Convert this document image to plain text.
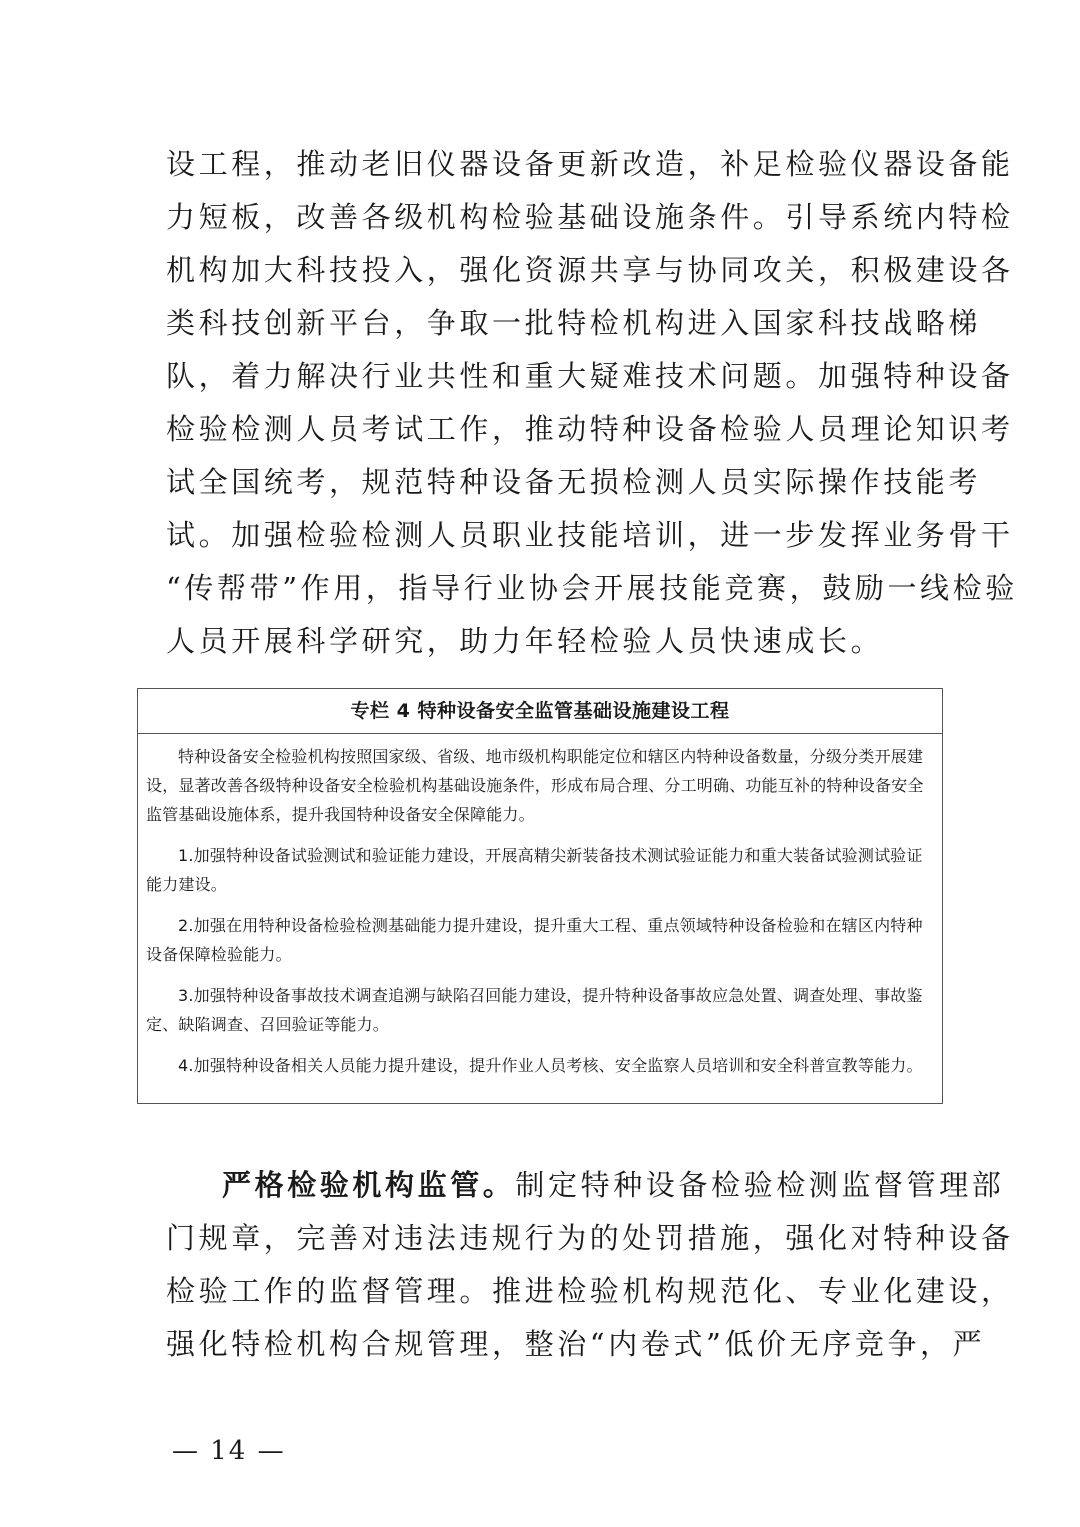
设工程，推动老旧仪器设备更新改造，补足检验仪器设备能
力短板，改善各级机构检验基础设施条件。引导系统内特检
机构加大科技投入，强化资源共享与协同攻关，积极建设各
类科技创新平台，争取一批特检机构进入国家科技战略梯
队，着力解决行业共性和重大疑难技术问题。加强特种设备
检验检测人员考试工作，推动特种设备检验人员理论知识考
试全国统考，规范特种设备无损检测人员实际操作技能考
试。加强检验检测人员职业技能培训，进一步发挥业务骨干
“传帮带”作用，指导行业协会开展技能竞赛，鼓励一线检验
人员开展科学研究，助力年轻检验人员快速成长。
专栏 4 特种设备安全监管基础设施建设工程

特种设备安全检验机构按照国家级、省级、地市级机构职能定位和辖区内特种设备数量，分级分类开展建设，显著改善各级特种设备安全检验机构基础设施条件，形成布局合理、分工明确、功能互补的特种设备安全监管基础设施体系，提升我国特种设备安全保障能力。

1.加强特种设备试验测试和验证能力建设，开展高精尖新装备技术测试验证能力和重大装备试验测试验证能力建设。

2.加强在用特种设备检验检测基础能力提升建设，提升重大工程、重点领域特种设备检验和在辖区内特种设备保障检验能力。

3.加强特种设备事故技术调查追溯与缺陷召回能力建设，提升特种设备事故应急处置、调查处理、事故鉴定、缺陷调查、召回验证等能力。

4.加强特种设备相关人员能力提升建设，提升作业人员考核、安全监察人员培训和安全科普宣教等能力。

严格检验机构监管。制定特种设备检验检测监督管理部
门规章，完善对违法违规行为的处罚措施，强化对特种设备
检验工作的监督管理。推进检验机构规范化、专业化建设，
强化特检机构合规管理，整治“内卷式”低价无序竞争，严
— 14 —
